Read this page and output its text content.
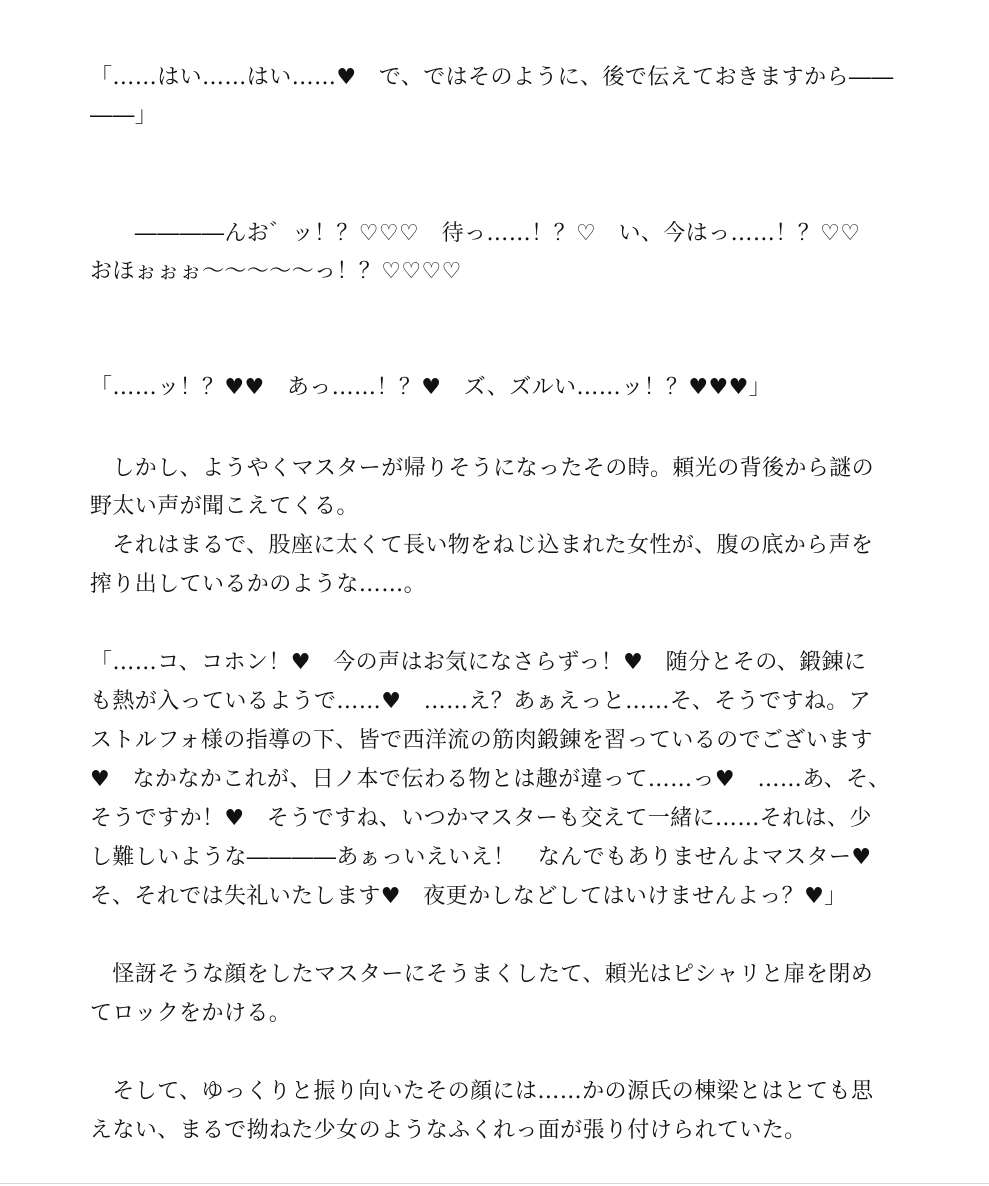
「……はい……はい……♥　で、ではそのように、後で伝えておきますから――
――」
　　――――んお゛ッ！？♡♡♡　待っ……！？♡　い、今はっ……！？♡♡
おほぉぉぉ～～～～～っ！？♡♡♡♡
「……ッ！？♥♥　あっ……！？♥　ズ、ズルい……ッ！？♥♥♥」
　しかし、ようやくマスターが帰りそうになったその時。頼光の背後から謎の
野太い声が聞こえてくる。
　それはまるで、股座に太くて長い物をねじ込まれた女性が、腹の底から声を
搾り出しているかのような……。
「……コ、コホン！♥　今の声はお気になさらずっ！♥　随分とその、鍛錬に
も熱が入っているようで……♥　……え？あぁえっと……そ、そうですね。ア
ストルフォ様の指導の下、皆で西洋流の筋肉鍛錬を習っているのでございます
♥　なかなかこれが、日ノ本で伝わる物とは趣が違って……っ♥　……あ、そ、
そうですか！♥　そうですね、いつかマスターも交えて一緒に……それは、少
し難しいような――――あぁっいえいえ！　なんでもありませんよマスター♥
そ、それでは失礼いたします♥　夜更かしなどしてはいけませんよっ？♥」
　怪訝そうな顔をしたマスターにそうまくしたて、頼光はピシャリと扉を閉め
てロックをかける。
　そして、ゆっくりと振り向いたその顔には……かの源氏の棟梁とはとても思
えない、まるで拗ねた少女のようなふくれっ面が張り付けられていた。
